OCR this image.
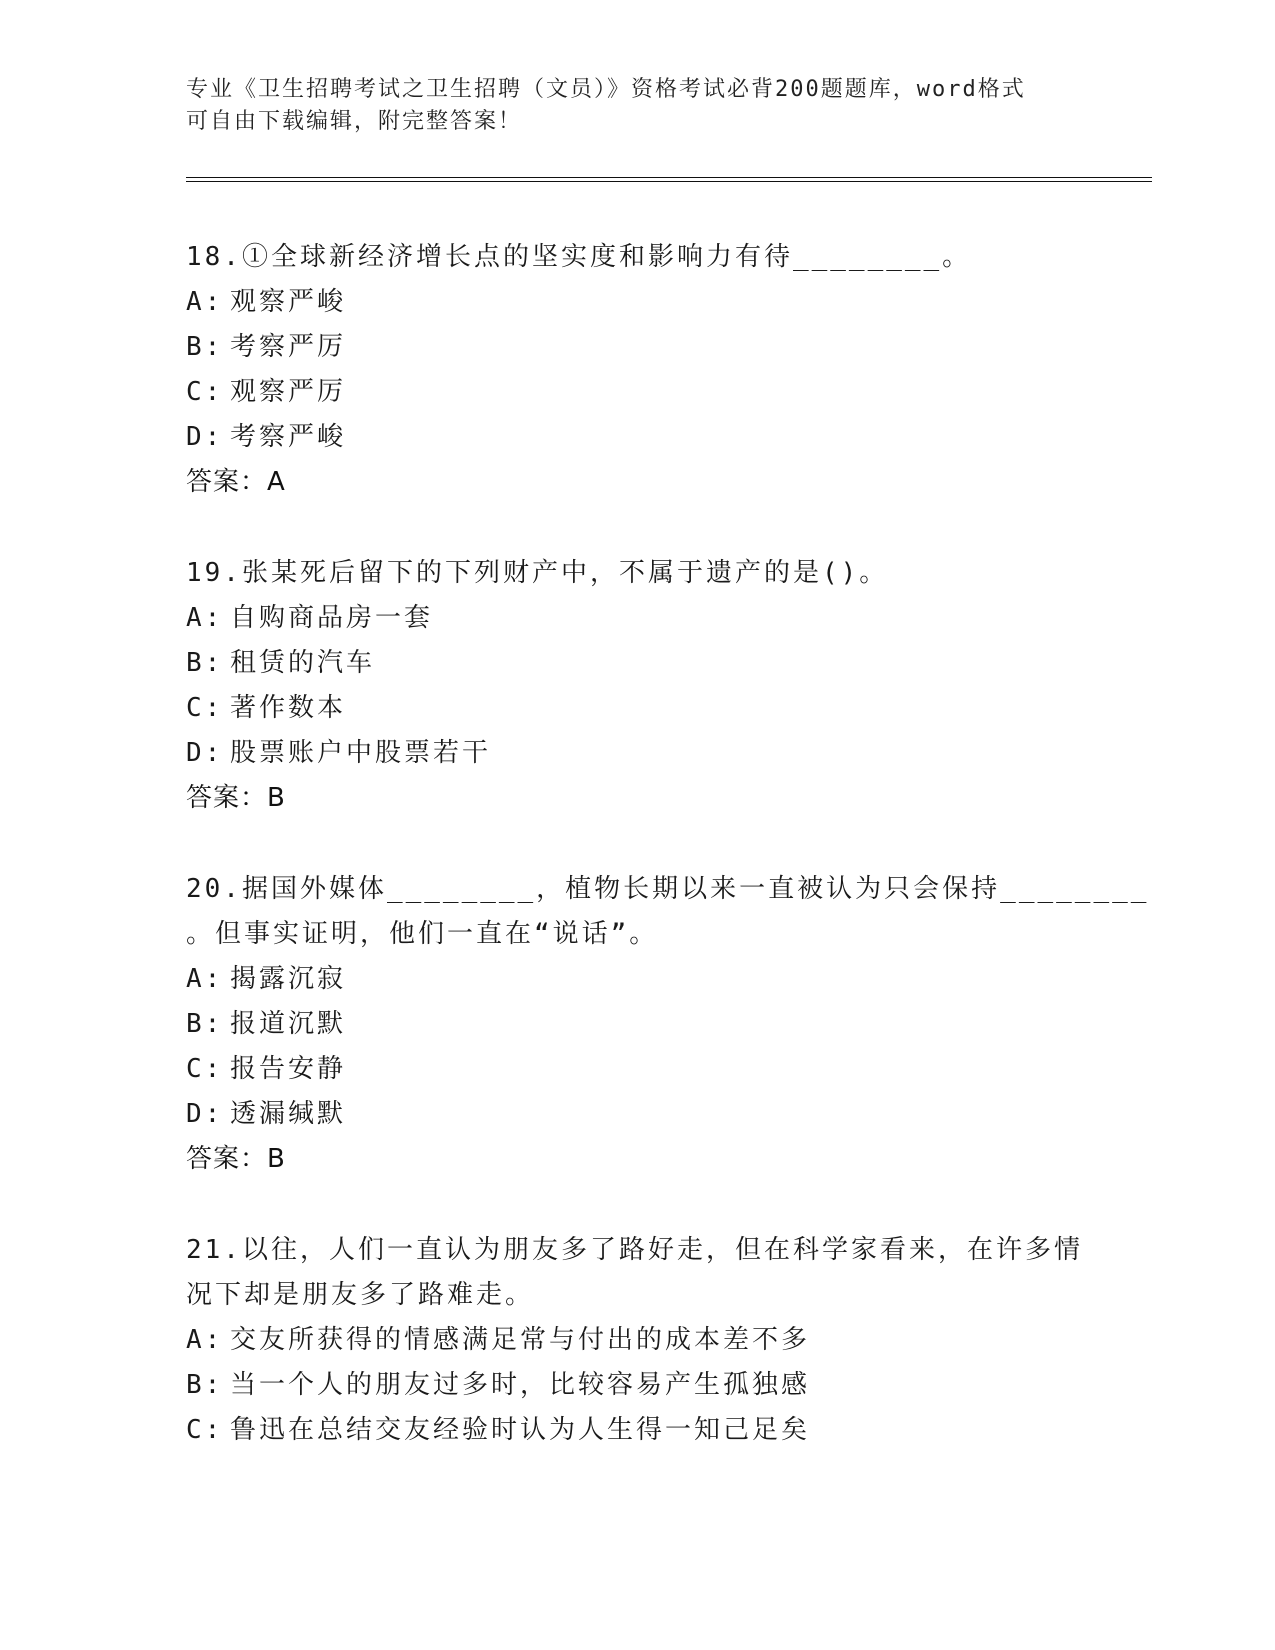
专业《卫生招聘考试之卫生招聘（文员）》资格考试必背200题题库，word格式
可自由下载编辑，附完整答案！
18.①全球新经济增长点的坚实度和影响力有待________。
A: 观察严峻
B: 考察严厉
C: 观察严厉
D: 考察严峻
答案：A
19.张某死后留下的下列财产中，不属于遗产的是()。
A: 自购商品房一套
B: 租赁的汽车
C: 著作数本
D: 股票账户中股票若干
答案：B
20.据国外媒体________，植物长期以来一直被认为只会保持________
。但事实证明，他们一直在“说话”。
A: 揭露沉寂
B: 报道沉默
C: 报告安静
D: 透漏缄默
答案：B
21.以往，人们一直认为朋友多了路好走，但在科学家看来，在许多情
况下却是朋友多了路难走。
A: 交友所获得的情感满足常与付出的成本差不多
B: 当一个人的朋友过多时，比较容易产生孤独感
C: 鲁迅在总结交友经验时认为人生得一知己足矣
